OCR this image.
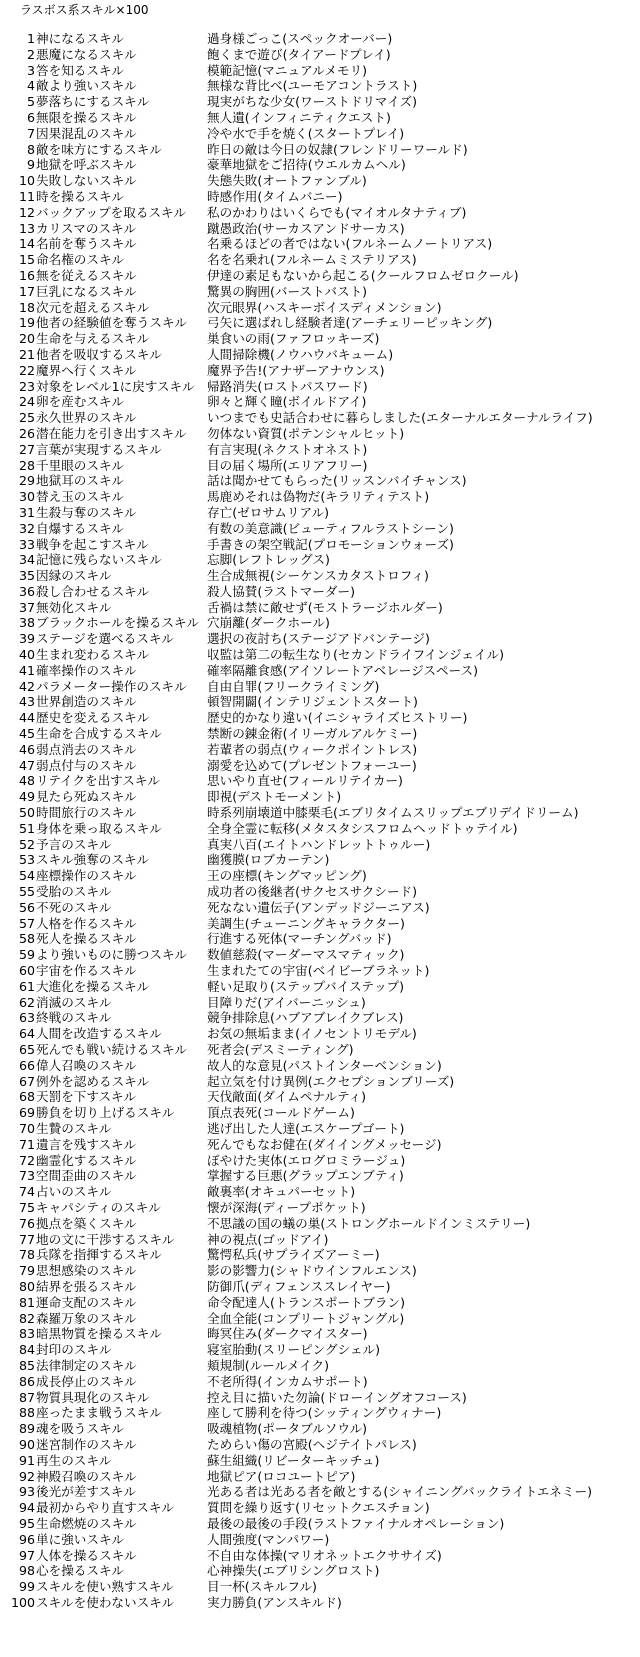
ラスボス系スキル×100
1 神になるスキル	過身様ごっこ(スペックオーバー)
2 悪魔になるスキル	飽くまで遊び(タイアードプレイ)
3 答を知るスキル	模範記憶(マニュアルメモリ)
4 敵より強いスキル	無様な背比べ(ユーモアコントラスト)
5 夢落ちにするスキル	現実がちな少女(ワーストドリマイズ)
6 無限を操るスキル	無人遺(インフィニティクエスト)
7 因果混乱のスキル	冷や水で手を焼く(スタートプレイ)
8 敵を味方にするスキル	昨日の敵は今日の奴隷(フレンドリーワールド)
9 地獄を呼ぶスキル	豪華地獄をご招待(ウエルカムヘル)
10 失敗しないスキル	失態失敗(オートファンブル)
11 時を操るスキル	時感作用(タイムバニー)
12 バックアップを取るスキル 私のかわりはいくらでも(マイオルタナティブ)
13 カリスマのスキル	蹴愚政治(サーカスアンドサーカス)
14 名前を奪うスキル	名乗るほどの者ではない(フルネームノートリアス)
15 命名権のスキル	名を名乗れ(フルネームミステリアス)
16 無を従えるスキル	伊達の素足もないから起こる(クールフロムゼロクール)
17 巨乳になるスキル	驚異の胸囲(バーストバスト)
18 次元を超えるスキル	次元眼界(ハスキーボイスディメンション)
19 他者の経験値を奪うスキル 弓矢に選ばれし経験者達(アーチェリーピッキング)
20 生命を与えるスキル	巣食いの雨(ファフロッキーズ)
21 他者を吸収するスキル	人間掃除機(ノウハウバキューム)
22 魔界へ行くスキル	魔界予告!(アナザーアナウンス)
23 対象をレベル1に戻すスキル 帰路消失(ロストパスワード)
24 卵を産むスキル	卵々と輝く瞳(ボイルドアイ)
25 永久世界のスキル	いつまでも史話合わせに暮らしました(エターナルエターナルライフ)
26 潜在能力を引き出すスキル 勿体ない資質(ポテンシャルヒット)
27 言葉が実現するスキル	有言実現(ネクストオネスト)
28 千里眼のスキル	目の届く場所(エリアフリー)
29 地獄耳のスキル	話は聞かせてもらった(リッスンバイチャンス)
30 替え玉のスキル	馬鹿めそれは偽物だ(キラリティテスト)
31 生殺与奪のスキル	存亡(ゼロサムリアル)
32 自爆するスキル	有数の美意識(ビューティフルラストシーン)
33 戦争を起こすスキル	手書きの架空戦記(プロモーションウォーズ)
34 記憶に残らないスキル	忘脚(レフトレッグス)
35 因縁のスキル	生合成無視(シーケンスカタストロフィ)
36 殺し合わせるスキル	殺人協賛(ラストマーダー)
37 無効化スキル	舌禍は禁に敵せず(モストラージホルダー)
38 ブラックホールを操るスキル 穴崩離(ダークホール)
39 ステージを選べるスキル	選択の夜討ち(ステージアドバンテージ)
40 生まれ変わるスキル	収監は第二の転生なり(セカンドライフインジェイル)
41 確率操作のスキル	確率隔離食感(アイソレートアベレージスペース)
42 パラメーター操作のスキル 自由自罪(フリークライミング)
43 世界創造のスキル	頓智開闢(インテリジェントスタート)
44 歴史を変えるスキル	歴史的かなり違い(イニシャライズヒストリー)
45 生命を合成するスキル	禁断の錬金術(イリーガルアルケミー)
46 弱点消去のスキル	若輩者の弱点(ウィークポイントレス)
47 弱点付与のスキル	溺愛を込めて(プレゼントフォーユー)
48 リテイクを出すスキル	思いやり直せ(フィールリテイカー)
49 見たら死ぬスキル	即視(デストモーメント)
50 時間旅行のスキル	時系列崩壊道中膝栗毛(エブリタイムスリップエブリデイドリーム)
51 身体を乗っ取るスキル	全身全霊に転移(メタスタシスフロムヘッドトゥテイル)
52 予言のスキル	真実八百(エイトハンドレットトゥルー)
53 スキル強奪のスキル	幽獲膜(ロブカーテン)
54 座標操作のスキル	王の座標(キングマッピング)
55 受胎のスキル	成功者の後継者(サクセスサクシード)
56 不死のスキル	死なない遺伝子(アンデッドジーニアス)
57 人格を作るスキル	美調生(チューニングキャラクター)
58 死人を操るスキル	行進する死体(マーチングバッド)
59 より強いものに勝つスキル 数値慈殺(マーダーマスマティック)
60 宇宙を作るスキル	生まれたての宇宙(ベイビーブラネット)
61 大進化を操るスキル	軽い足取り(ステップバイステップ)
62 消滅のスキル	目障りだ(アイバーニッシュ)
63 終戦のスキル	競争排除息(ハブアブレイクブレス)
64 人間を改造するスキル	お気の無垢まま(イノセントリモデル)
65 死んでも戦い続けるスキル 死者会(デスミーティング)
66 偉人召喚のスキル	故人的な意見(パストインターベンション)
67 例外を認めるスキル	起立気を付け異例(エクセプションブリーズ)
68 天罰を下すスキル	天伐敵面(ダイムペナルティ)
69 勝負を切り上げるスキル	頂点表死(コールドゲーム)
70 生贄のスキル	逃げ出した人達(エスケープゴート)
71 遺言を残すスキル	死んでもなお健在(ダイイングメッセージ)
72 幽霊化するスキル	ぼやけた実体(エログロミラージュ)
73 空間歪曲のスキル	掌握する巨悪(グラップエンブティ)
74 占いのスキル	敵裏率(オキュパーセット)
75 キャパシティのスキル	懐が深海(ディープポケット)
76 拠点を築くスキル	不思議の国の蟻の巣(ストロングホールドインミステリー)
77 地の文に干渉するスキル	神の視点(ゴッドアイ)
78 兵隊を指揮するスキル	驚愕私兵(サプライズアーミー)
79 思想感染のスキル	影の影響力(シャドウインフルエンス)
80 結界を張るスキル	防御爪(ディフェンススレイヤー)
81 運命支配のスキル	命令配達人(トランスポートブラン)
82 森羅万象のスキル	全血全能(コンプリートジャングル)
83 暗黒物質を操るスキル	晦冥住み(ダークマイスター)
84 封印のスキル	寝室胎動(スリーピングシェル)
85 法律制定のスキル	頬規制(ルールメイク)
86 成長停止のスキル	不老所得(インカムサポート)
87 物質具現化のスキル	控え目に描いた勿論(ドローイングオフコース)
88 座ったまま戦うスキル	座して勝利を待つ(シッティングウィナー)
89 魂を吸うスキル	吸魂植物(ポータブルソウル)
90 迷宮制作のスキル	ためらい傷の宮殿(ヘジテイトパレス)
91 再生のスキル	蘇生組織(リビーターキッチュ)
92 神殿召喚のスキル	地獄ピア(ロコユートピア)
93 後光が差すスキル	光ある者は光ある者を敵とする(シャイニングバックライトエネミー)
94 最初からやり直すスキル	質問を繰り返す(リセットクエスチョン)
95 生命燃焼のスキル	最後の最後の手段(ラストファイナルオペレーション)
96 単に強いスキル	人間強度(マンパワー)
97 人体を操るスキル	不自由な体操(マリオネットエクササイズ)
98 心を操るスキル	心神操失(エブリシングロスト)
99 スキルを使い熟すスキル	目一杯(スキルフル)
100 スキルを使わないスキル	実力勝負(アンスキルド)
